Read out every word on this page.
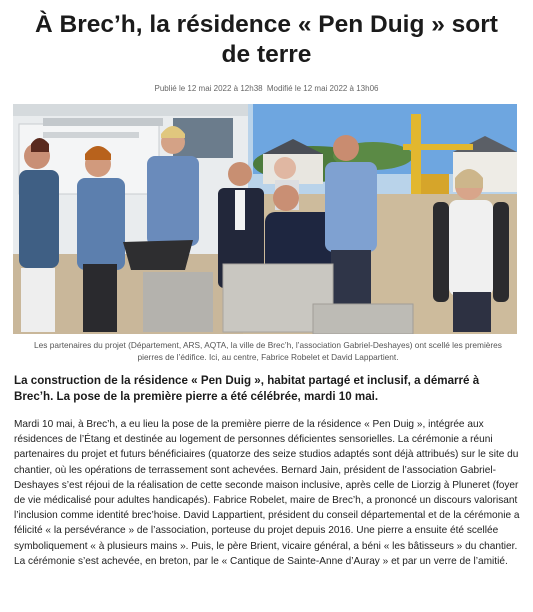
À Brec’h, la résidence « Pen Duig » sort de terre
Publié le 12 mai 2022 à 12h38 Modifié le 12 mai 2022 à 13h06
Les partenaires du projet (Département, ARS, AQTA, la ville de Brec’h, l’association Gabriel-Deshayes) ont scellé les premières pierres de l’édifice. Ici, au centre, Fabrice Robelet et David Lappartient.

La construction de la résidence « Pen Duig », habitat partagé et inclusif, a démarré à Brec’h. La pose de la première pierre a été célébrée, mardi 10 mai.

Mardi 10 mai, à Brec’h, a eu lieu la pose de la première pierre de la résidence « Pen Duig », intégrée aux résidences de l’Étang et destinée au logement de personnes déficientes sensorielles. La cérémonie a réuni partenaires du projet et futurs bénéficiaires (quatorze des seize studios adaptés sont déjà attribués) sur le site du chantier, où les opérations de terrassement sont achevées. Bernard Jain, président de l’association Gabriel-Deshayes s’est réjoui de la réalisation de cette seconde maison inclusive, après celle de Liorzig à Pluneret (foyer de vie médicalisé pour adultes handicapés). Fabrice Robelet, maire de Brec’h, a prononcé un discours valorisant l’inclusion comme identité brec’hoise. David Lappartient, président du conseil départemental et de la cérémonie a félicité « la persévérance » de l’association, porteuse du projet depuis 2016. Une pierre a ensuite été scellée symboliquement « à plusieurs mains ». Puis, le père Brient, vicaire général, a béni « les bâtisseurs » du chantier. La cérémonie s’est achevée, en breton, par le « Cantique de Sainte-Anne d’Auray » et par un verre de l’amitié.
